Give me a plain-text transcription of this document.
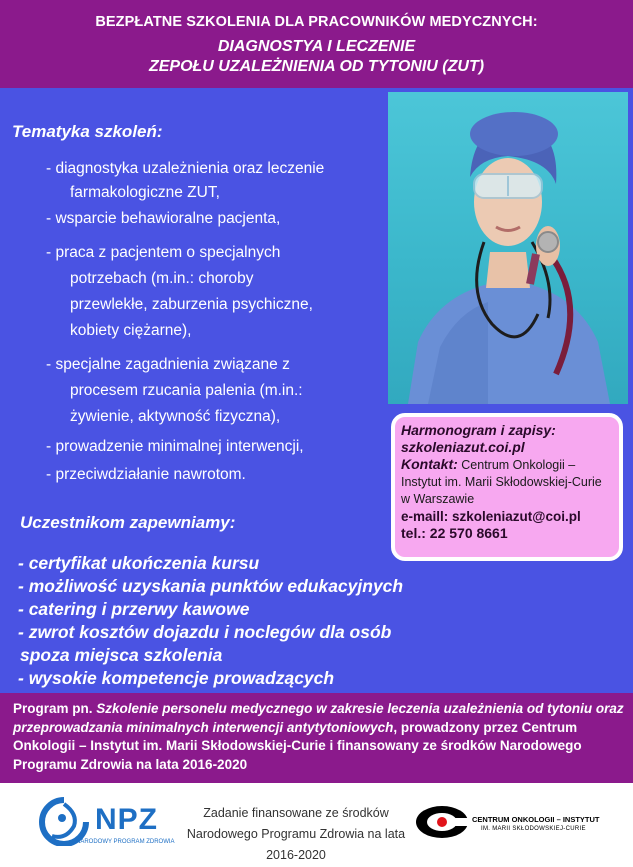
BEZPŁATNE SZKOLENIA DLA PRACOWNIKÓW MEDYCZNYCH:
DIAGNOSTYA I LECZENIE
ZEPOŁU UZALEŻNIENIA OD TYTONIU (ZUT)
Tematyka szkoleń:
- diagnostyka uzależnienia oraz leczenie
farmakologiczne ZUT,
- wsparcie behawioralne pacjenta,
- praca z pacjentem o specjalnych
potrzebach (m.in.: choroby
przewlekłe, zaburzenia psychiczne,
kobiety ciężarne),
- specjalne zagadnienia związane z
procesem rzucania palenia (m.in.:
żywienie, aktywność fizyczna),
- prowadzenie minimalnej interwencji,
- przeciwdziałanie nawrotom.
Harmonogram i zapisy:
szkoleniazut.coi.pl
Kontakt: Centrum Onkologii – Instytut im. Marii Skłodowskiej-Curie w Warszawie
e-maill: szkoleniazut@coi.pl
tel.: 22 570 8661
Uczestnikom zapewniamy:
- certyfikat ukończenia kursu
- możliwość uzyskania punktów edukacyjnych
- catering i przerwy kawowe
- zwrot kosztów dojazdu i noclegów dla osób
spoza miejsca szkolenia
- wysokie kompetencje prowadzących
Program pn. Szkolenie personelu medycznego w zakresie leczenia uzależnienia od tytoniu oraz przeprowadzania minimalnych interwencji antytytoniowych, prowadzony przez Centrum Onkologii – Instytut im. Marii Skłodowskiej-Curie i finansowany ze środków Narodowego Programu Zdrowia na lata 2016-2020
NPZ
NARODOWY PROGRAM ZDROWIA
Zadanie finansowane ze środków Narodowego Programu Zdrowia na lata 2016-2020
CENTRUM ONKOLOGII – INSTYTUT
IM. MARII SKŁODOWSKIEJ-CURIE
